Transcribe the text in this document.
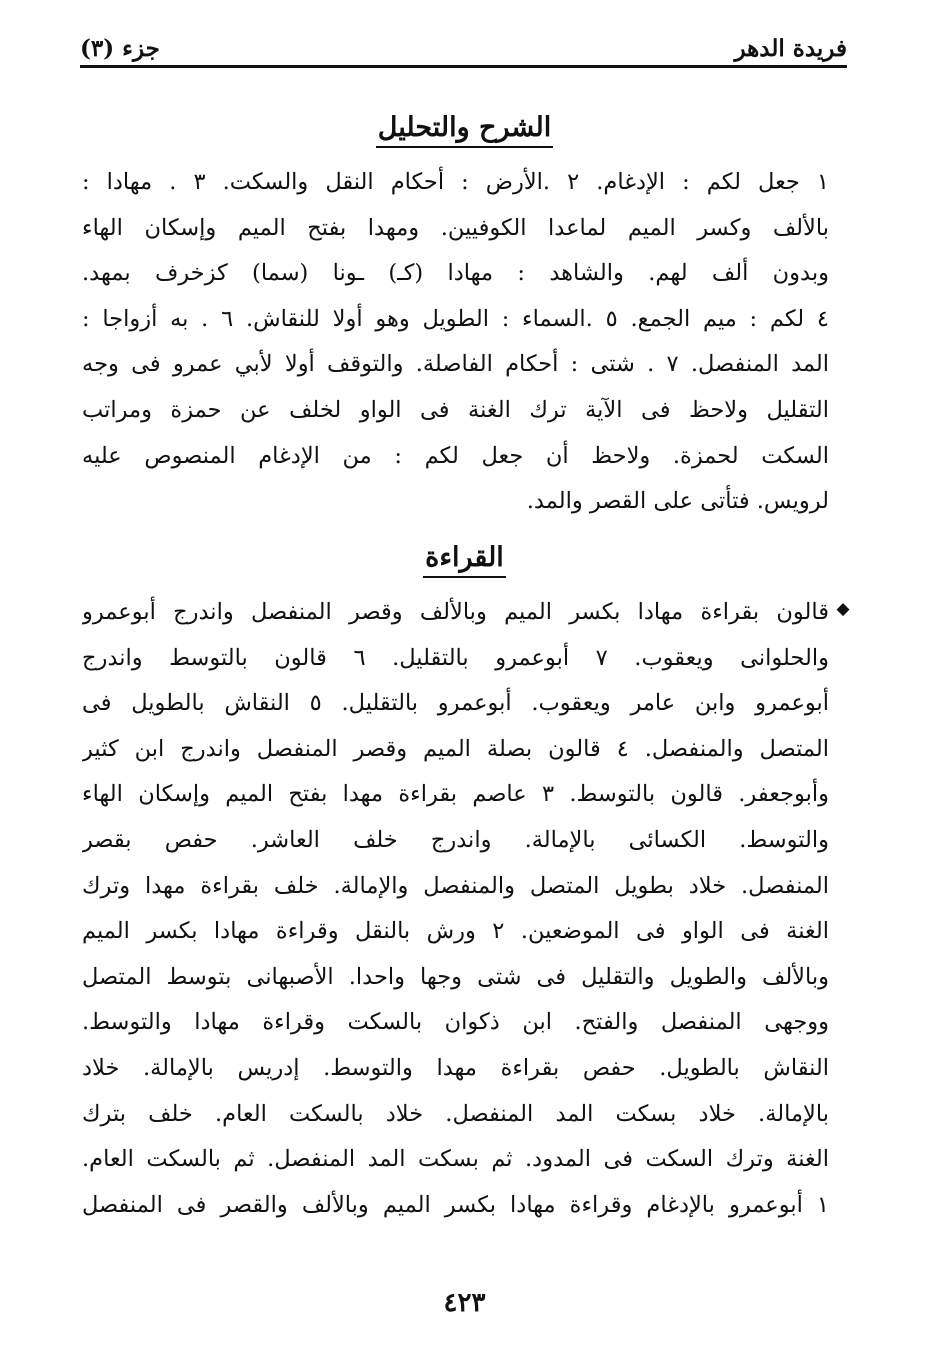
فريدة الدهر
جزء (٣)
الشرح والتحليل
١ جعل لكم : الإدغام. ٢ .الأرض : أحكام النقل والسكت. ٣ . مهادا :
بالألف وكسر الميم لماعدا الكوفيين. ومهدا بفتح الميم وإسكان الهاء
وبدون ألف لهم. والشاهد : مهادا (كـ) ـونا (سما) كزخرف بمهد.
٤ لكم : ميم الجمع. ٥ .السماء : الطويل وهو أولا للنقاش. ٦ . به أزواجا :
المد المنفصل. ٧ . شتى : أحكام الفاصلة. والتوقف أولا لأبي عمرو فى وجه
التقليل ولاحظ فى الآية ترك الغنة فى الواو لخلف عن حمزة ومراتب
السكت لحمزة. ولاحظ أن جعل لكم : من الإدغام المنصوص عليه
لرويس. فتأتى على القصر والمد.
القراءة
◆
قالون بقراءة مهادا بكسر الميم وبالألف وقصر المنفصل واندرج أبوعمرو
والحلوانى ويعقوب. ٧ أبوعمرو بالتقليل. ٦ قالون بالتوسط واندرج
أبوعمرو وابن عامر ويعقوب. أبوعمرو بالتقليل. ٥ النقاش بالطويل فى
المتصل والمنفصل. ٤ قالون بصلة الميم وقصر المنفصل واندرج ابن كثير
وأبوجعفر. قالون بالتوسط. ٣ عاصم بقراءة مهدا بفتح الميم وإسكان الهاء
والتوسط. الكسائى بالإمالة. واندرج خلف العاشر. حفص بقصر
المنفصل. خلاد بطويل المتصل والمنفصل والإمالة. خلف بقراءة مهدا وترك
الغنة فى الواو فى الموضعين. ٢ ورش بالنقل وقراءة مهادا بكسر الميم
وبالألف والطويل والتقليل فى شتى وجها واحدا. الأصبهانى بتوسط المتصل
ووجهى المنفصل والفتح. ابن ذكوان بالسكت وقراءة مهادا والتوسط.
النقاش بالطويل. حفص بقراءة مهدا والتوسط. إدريس بالإمالة. خلاد
بالإمالة. خلاد بسكت المد المنفصل. خلاد بالسكت العام. خلف بترك
الغنة وترك السكت فى المدود. ثم بسكت المد المنفصل. ثم بالسكت العام.
١ أبوعمرو بالإدغام وقراءة مهادا بكسر الميم وبالألف والقصر فى المنفصل
٤٢٣
